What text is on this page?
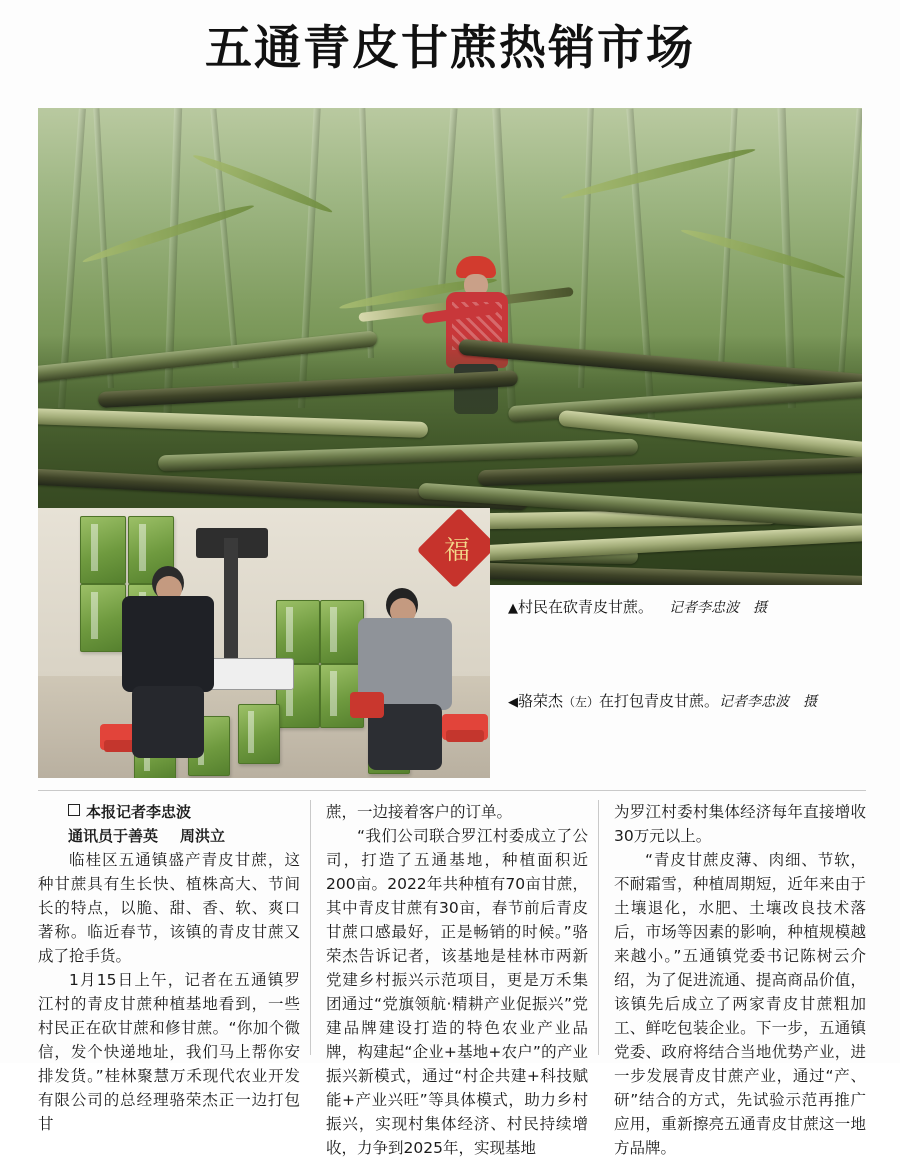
五通青皮甘蔗热销市场
福
▲村民在砍青皮甘蔗。 记者李忠波　摄
◀骆荣杰（左）在打包青皮甘蔗。记者李忠波　摄

本报记者李忠波

通讯员于善英 周洪立

临桂区五通镇盛产青皮甘蔗，这种甘蔗具有生长快、植株高大、节间长的特点，以脆、甜、香、软、爽口著称。临近春节，该镇的青皮甘蔗又成了抢手货。

1月15日上午，记者在五通镇罗江村的青皮甘蔗种植基地看到，一些村民正在砍甘蔗和修甘蔗。“你加个微信，发个快递地址，我们马上帮你安排发货。”桂林聚慧万禾现代农业开发有限公司的总经理骆荣杰正一边打包甘

蔗，一边接着客户的订单。

“我们公司联合罗江村委成立了公司，打造了五通基地，种植面积近200亩。2022年共种植有70亩甘蔗，其中青皮甘蔗有30亩，春节前后青皮甘蔗口感最好，正是畅销的时候。”骆荣杰告诉记者，该基地是桂林市两新党建乡村振兴示范项目，更是万禾集团通过“党旗领航·精耕产业促振兴”党建品牌建设打造的特色农业产业品牌，构建起“企业+基地+农户”的产业振兴新模式，通过“村企共建+科技赋能+产业兴旺”等具体模式，助力乡村振兴，实现村集体经济、村民持续增收，力争到2025年，实现基地

为罗江村委村集体经济每年直接增收30万元以上。

“青皮甘蔗皮薄、肉细、节软，不耐霜雪，种植周期短，近年来由于土壤退化，水肥、土壤改良技术落后，市场等因素的影响，种植规模越来越小。”五通镇党委书记陈树云介绍，为了促进流通、提高商品价值，该镇先后成立了两家青皮甘蔗粗加工、鲜吃包装企业。下一步，五通镇党委、政府将结合当地优势产业，进一步发展青皮甘蔗产业，通过“产、研”结合的方式，先试验示范再推广应用，重新擦亮五通青皮甘蔗这一地方品牌。
